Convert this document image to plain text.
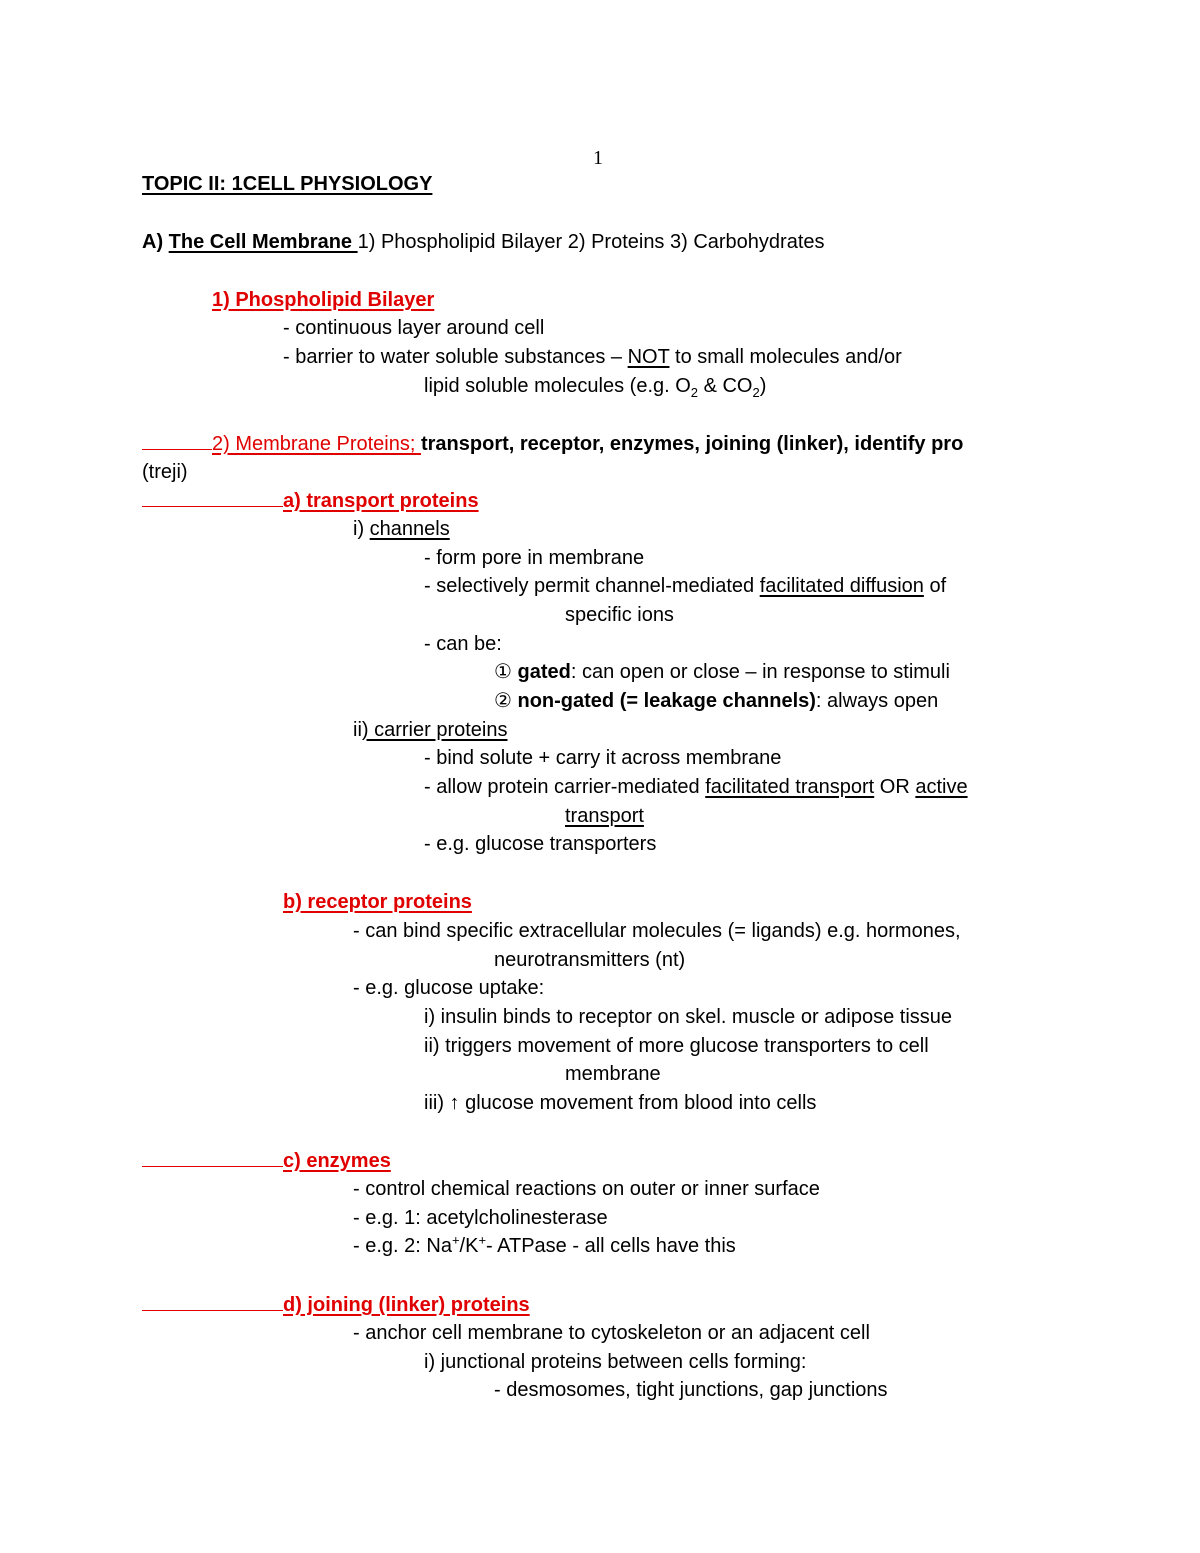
1
TOPIC II: 1CELL PHYSIOLOGY
A) The Cell Membrane 1) Phospholipid Bilayer 2) Proteins 3) Carbohydrates
1) Phospholipid Bilayer
- continuous layer around cell
- barrier to water soluble substances – NOT to small molecules and/or
lipid soluble molecules (e.g. $O_2$ & $CO_2$)
2) Membrane Proteins; transport, receptor, enzymes, joining (linker), identify pro
(treji)
a) transport proteins
i) channels
- form pore in membrane
- selectively permit channel-mediated facilitated diffusion of
specific ions
- can be:
① gated: can open or close – in response to stimuli
② non-gated (= leakage channels): always open
ii) carrier proteins
- bind solute + carry it across membrane
- allow protein carrier-mediated facilitated transport OR active
transport
- e.g. glucose transporters
b) receptor proteins
- can bind specific extracellular molecules (= ligands) e.g. hormones,
neurotransmitters (nt)
- e.g. glucose uptake:
i) insulin binds to receptor on skel. muscle or adipose tissue
ii) triggers movement of more glucose transporters to cell
membrane
iii) ↑ glucose movement from blood into cells
c) enzymes
- control chemical reactions on outer or inner surface
- e.g. 1: acetylcholinesterase
- e.g. 2: Na+/K+- ATPase - all cells have this
d) joining (linker) proteins
- anchor cell membrane to cytoskeleton or an adjacent cell
i) junctional proteins between cells forming:
- desmosomes, tight junctions, gap junctions
